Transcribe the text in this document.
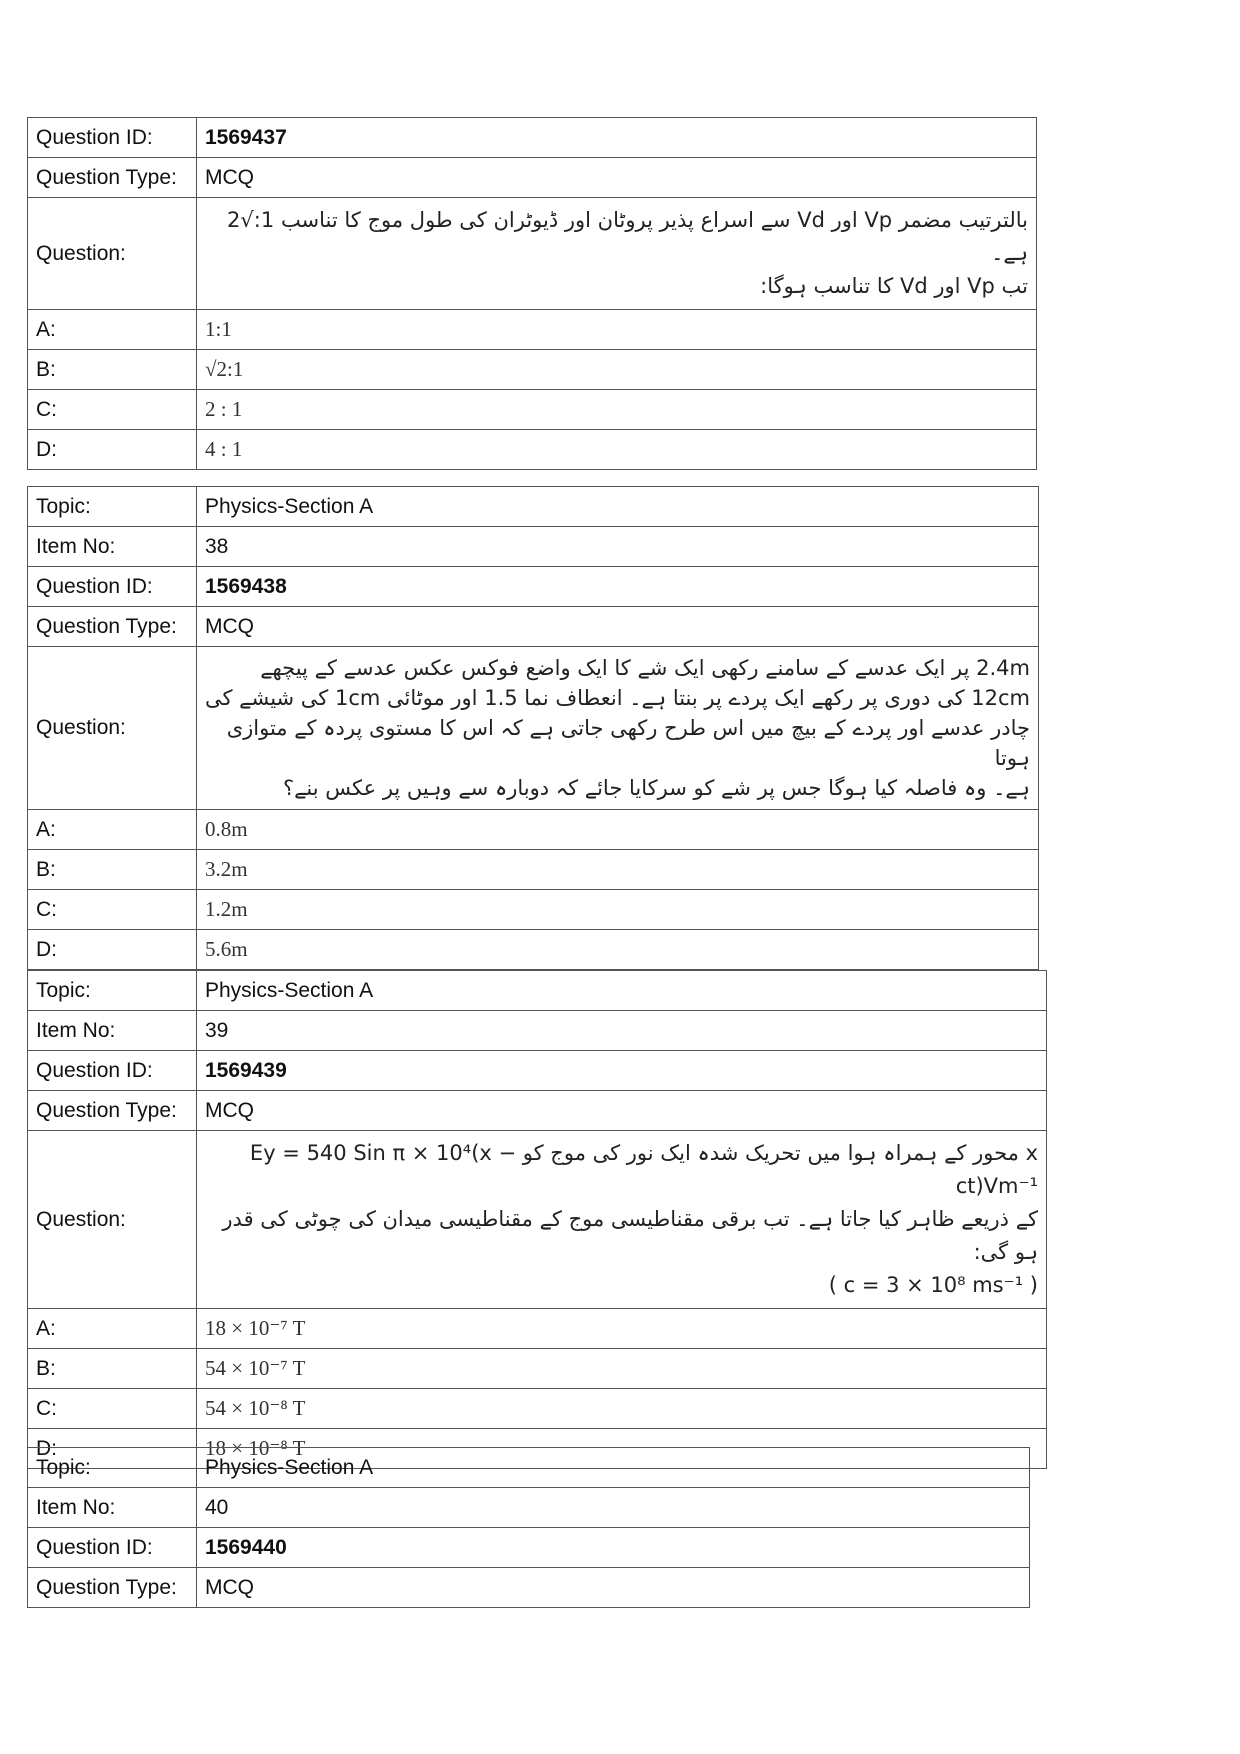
Question ID:	1569437
Question Type:	MCQ
Question:	بالترتیب مضمر Vp اور Vd سے اسراع پذیر پروٹان اور ڈیوٹران کی طول موج کا تناسب 1:√2 ہے۔
تب Vp اور Vd کا تناسب ہوگا:

A:	1:1
B:	√2:1
C:	2 : 1
D:	4 : 1
Topic:	Physics-Section A
Item No:	38
Question ID:	1569438
Question Type:	MCQ
Question:	2.4m پر ایک عدسے کے سامنے رکھی ایک شے کا ایک واضع فوکس عکس عدسے کے پیچھے
12cm کی دوری پر رکھے ایک پردے پر بنتا ہے۔ انعطاف نما 1.5 اور موٹائی 1cm کی شیشے کی
چادر عدسے اور پردے کے بیچ میں اس طرح رکھی جاتی ہے کہ اس کا مستوی پردہ کے متوازی ہوتا
ہے۔ وہ فاصلہ کیا ہوگا جس پر شے کو سرکایا جائے کہ دوبارہ سے وہیں پر عکس بنے؟

A:	0.8m
B:	3.2m
C:	1.2m
D:	5.6m
Topic:	Physics-Section A
Item No:	39
Question ID:	1569439
Question Type:	MCQ
Question:	x محور کے ہمراہ ہوا میں تحریک شدہ ایک نور کی موج کو Ey = 540 Sin π × 10⁴(x − ct)Vm⁻¹
کے ذریعے ظاہر کیا جاتا ہے۔ تب برقی مقناطیسی موج کے مقناطیسی میدان کی چوٹی کی قدر ہو گی:
( c = 3 × 10⁸ ms⁻¹ )

A:	18 × 10⁻⁷ T
B:	54 × 10⁻⁷ T
C:	54 × 10⁻⁸ T
D:	18 × 10⁻⁸ T
Topic:	Physics-Section A
Item No:	40
Question ID:	1569440
Question Type:	MCQ
